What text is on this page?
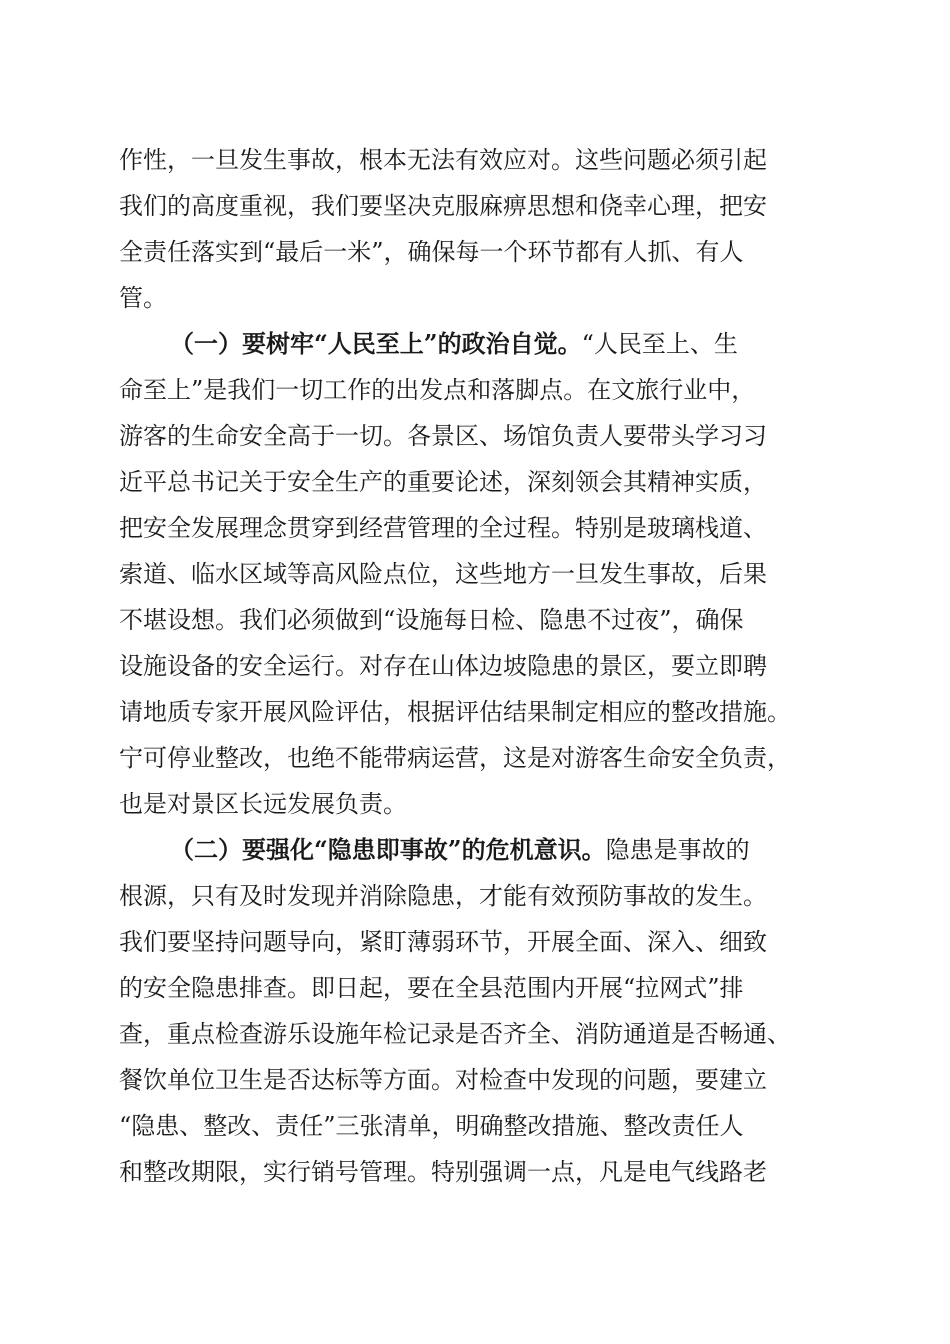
作性，一旦发生事故，根本无法有效应对。这些问题必须引起
我们的高度重视，我们要坚决克服麻痹思想和侥幸心理，把安
全责任落实到“最后一米”，确保每一个环节都有人抓、有人
管。
（一）要树牢“人民至上”的政治自觉。“人民至上、生
命至上”是我们一切工作的出发点和落脚点。在文旅行业中，
游客的生命安全高于一切。各景区、场馆负责人要带头学习习
近平总书记关于安全生产的重要论述，深刻领会其精神实质，
把安全发展理念贯穿到经营管理的全过程。特别是玻璃栈道、
索道、临水区域等高风险点位，这些地方一旦发生事故，后果
不堪设想。我们必须做到“设施每日检、隐患不过夜”，确保
设施设备的安全运行。对存在山体边坡隐患的景区，要立即聘
请地质专家开展风险评估，根据评估结果制定相应的整改措施。
宁可停业整改，也绝不能带病运营，这是对游客生命安全负责，
也是对景区长远发展负责。
（二）要强化“隐患即事故”的危机意识。隐患是事故的
根源，只有及时发现并消除隐患，才能有效预防事故的发生。
我们要坚持问题导向，紧盯薄弱环节，开展全面、深入、细致
的安全隐患排查。即日起，要在全县范围内开展“拉网式”排
查，重点检查游乐设施年检记录是否齐全、消防通道是否畅通、
餐饮单位卫生是否达标等方面。对检查中发现的问题，要建立
“隐患、整改、责任”三张清单，明确整改措施、整改责任人
和整改期限，实行销号管理。特别强调一点，凡是电气线路老
